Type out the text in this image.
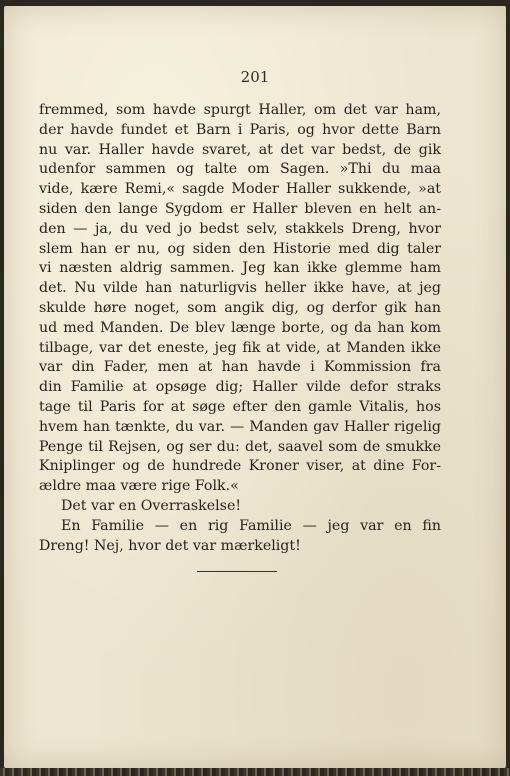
201
fremmed, som havde spurgt Haller, om det var ham,
der havde fundet et Barn i Paris, og hvor dette Barn
nu var. Haller havde svaret, at det var bedst, de gik
udenfor sammen og talte om Sagen. »Thi du maa
vide, kære Remi,« sagde Moder Haller sukkende, »at
siden den lange Sygdom er Haller bleven en helt an-
den — ja, du ved jo bedst selv, stakkels Dreng, hvor
slem han er nu, og siden den Historie med dig taler
vi næsten aldrig sammen. Jeg kan ikke glemme ham
det. Nu vilde han naturligvis heller ikke have, at jeg
skulde høre noget, som angik dig, og derfor gik han
ud med Manden. De blev længe borte, og da han kom
tilbage, var det eneste, jeg fik at vide, at Manden ikke
var din Fader, men at han havde i Kommission fra
din Familie at opsøge dig; Haller vilde defor straks
tage til Paris for at søge efter den gamle Vitalis, hos
hvem han tænkte, du var. — Manden gav Haller rigelig
Penge til Rejsen, og ser du: det, saavel som de smukke
Kniplinger og de hundrede Kroner viser, at dine For-
ældre maa være rige Folk.«
Det var en Overraskelse!
En Familie — en rig Familie — jeg var en fin
Dreng! Nej, hvor det var mærkeligt!
